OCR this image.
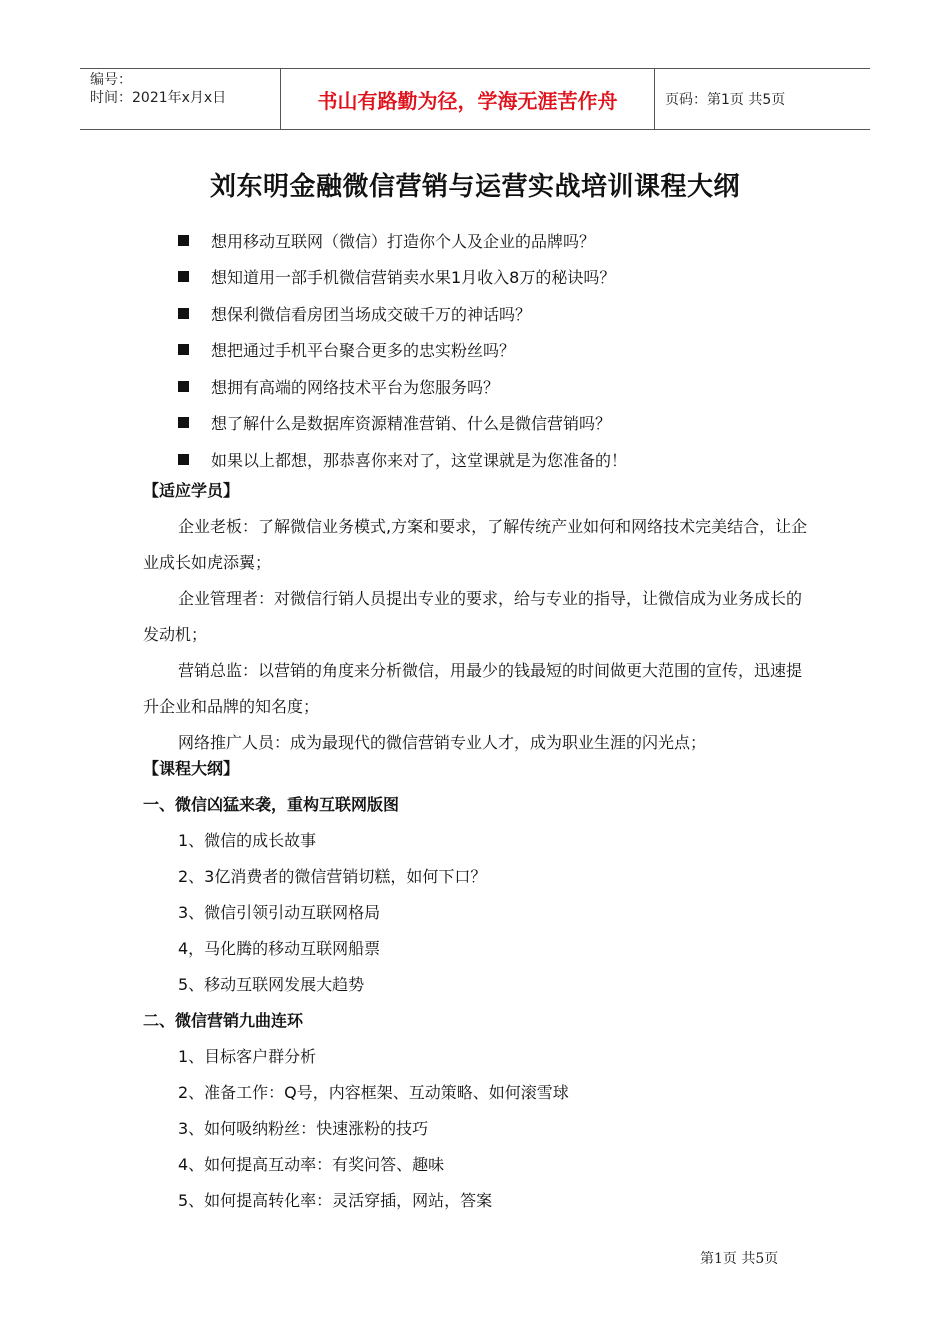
编号：
时间：2021年x月x日	书山有路勤为径，学海无涯苦作舟	页码：第1页 共5页
刘东明金融微信营销与运营实战培训课程大纲
想用移动互联网（微信）打造你个人及企业的品牌吗？
想知道用一部手机微信营销卖水果1月收入8万的秘诀吗？
想保利微信看房团当场成交破千万的神话吗？
想把通过手机平台聚合更多的忠实粉丝吗？
想拥有高端的网络技术平台为您服务吗？
想了解什么是数据库资源精准营销、什么是微信营销吗？
如果以上都想，那恭喜你来对了，这堂课就是为您准备的！
【适应学员】

企业老板：了解微信业务模式,方案和要求，了解传统产业如何和网络技术完美结合，让企业成长如虎添翼；

企业管理者：对微信行销人员提出专业的要求，给与专业的指导，让微信成为业务成长的发动机；

营销总监：以营销的角度来分析微信，用最少的钱最短的时间做更大范围的宣传，迅速提升企业和品牌的知名度；

网络推广人员：成为最现代的微信营销专业人才，成为职业生涯的闪光点；

【课程大纲】
一、微信凶猛来袭，重构互联网版图
1、微信的成长故事
2、3亿消费者的微信营销切糕，如何下口？
3、微信引领引动互联网格局
4，马化腾的移动互联网船票
5、移动互联网发展大趋势
二、微信营销九曲连环
1、目标客户群分析
2、准备工作：Q号，内容框架、互动策略、如何滚雪球
3、如何吸纳粉丝：快速涨粉的技巧
4、如何提高互动率：有奖问答、趣味
5、如何提高转化率：灵活穿插，网站，答案
第1页 共5页
